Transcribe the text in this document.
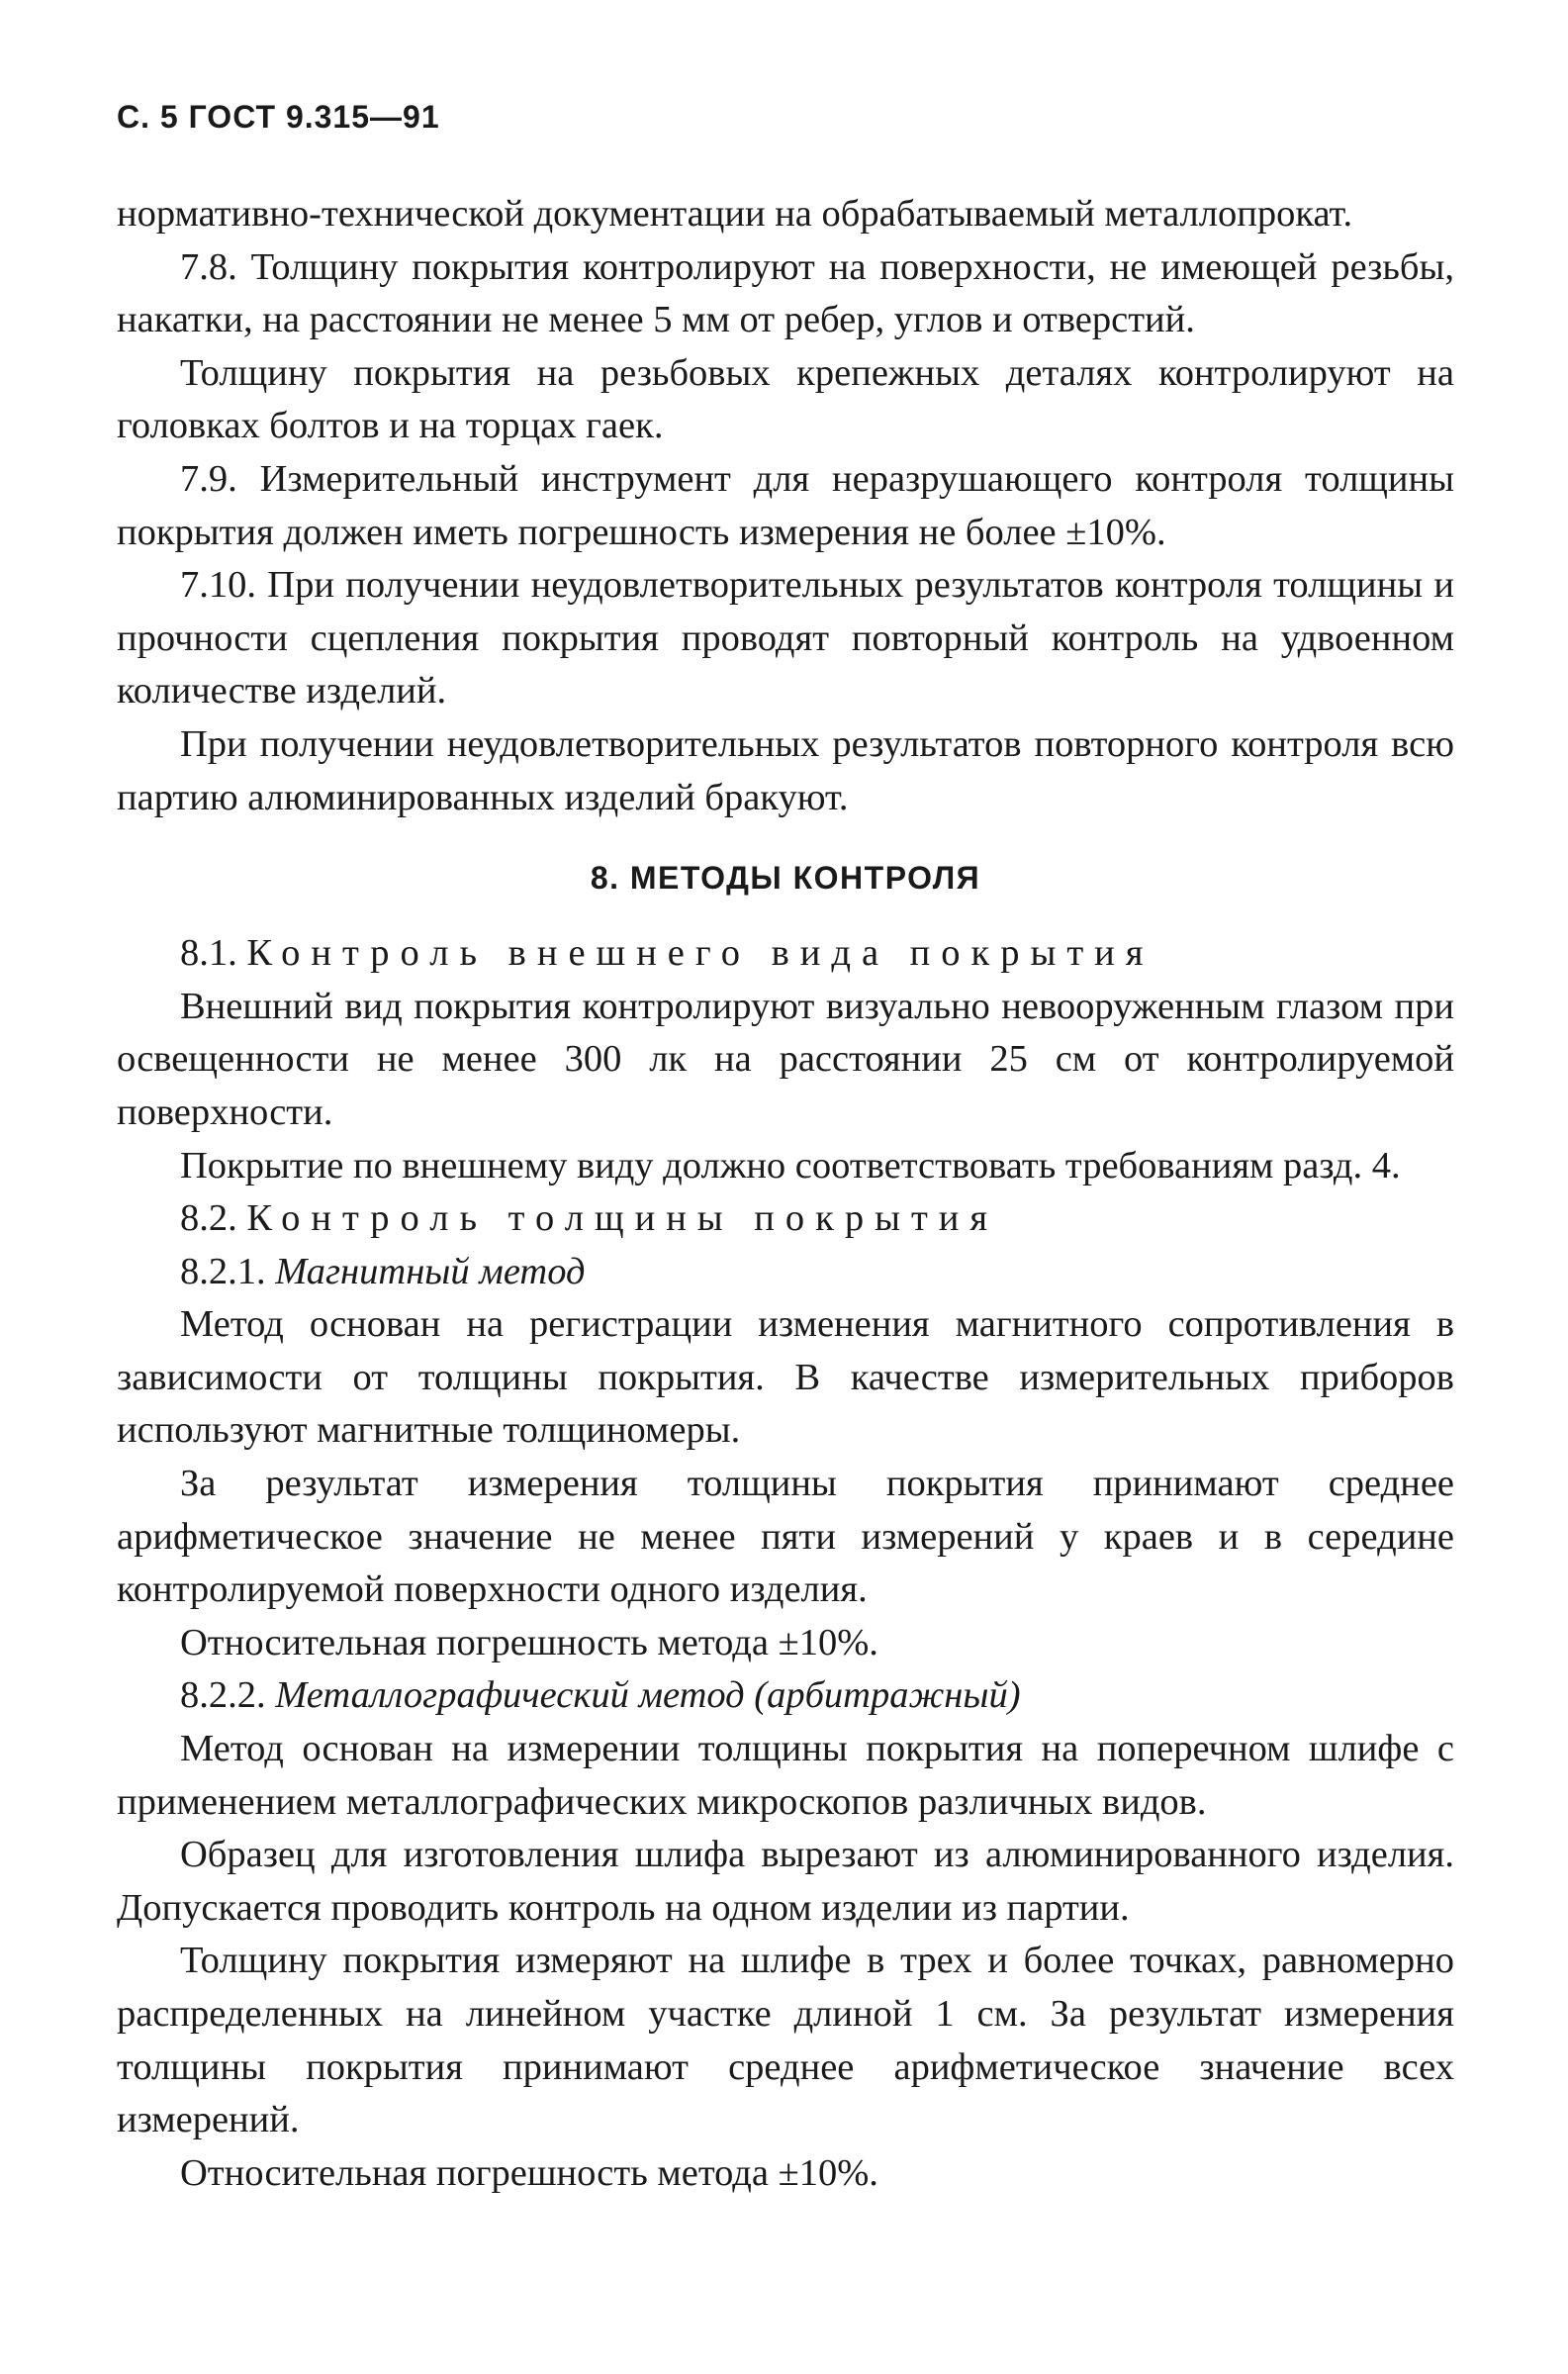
С. 5 ГОСТ 9.315—91

нормативно-технической документации на обрабатываемый металлопрокат.

7.8. Толщину покрытия контролируют на поверхности, не имеющей резьбы, накатки, на расстоянии не менее 5 мм от ребер, углов и отверстий.

Толщину покрытия на резьбовых крепежных деталях контролируют на головках болтов и на торцах гаек.

7.9. Измерительный инструмент для неразрушающего контроля толщины покрытия должен иметь погрешность измерения не более ±10%.

7.10. При получении неудовлетворительных результатов контроля толщины и прочности сцепления покрытия проводят повторный контроль на удвоенном количестве изделий.

При получении неудовлетворительных результатов повторного контроля всю партию алюминированных изделий бракуют.

8. МЕТОДЫ КОНТРОЛЯ

8.1. Контроль внешнего вида покрытия

Внешний вид покрытия контролируют визуально невооруженным глазом при освещенности не менее 300 лк на расстоянии 25 см от контролируемой поверхности.

Покрытие по внешнему виду должно соответствовать требованиям разд. 4.

8.2. Контроль толщины покрытия

8.2.1. Магнитный метод

Метод основан на регистрации изменения магнитного сопротивления в зависимости от толщины покрытия. В качестве измерительных приборов используют магнитные толщиномеры.

За результат измерения толщины покрытия принимают среднее арифметическое значение не менее пяти измерений у краев и в середине контролируемой поверхности одного изделия.

Относительная погрешность метода ±10%.

8.2.2. Металлографический метод (арбитражный)

Метод основан на измерении толщины покрытия на поперечном шлифе с применением металлографических микроскопов различных видов.

Образец для изготовления шлифа вырезают из алюминированного изделия. Допускается проводить контроль на одном изделии из партии.

Толщину покрытия измеряют на шлифе в трех и более точках, равномерно распределенных на линейном участке длиной 1 см. За результат измерения толщины покрытия принимают среднее арифметическое значение всех измерений.

Относительная погрешность метода ±10%.
